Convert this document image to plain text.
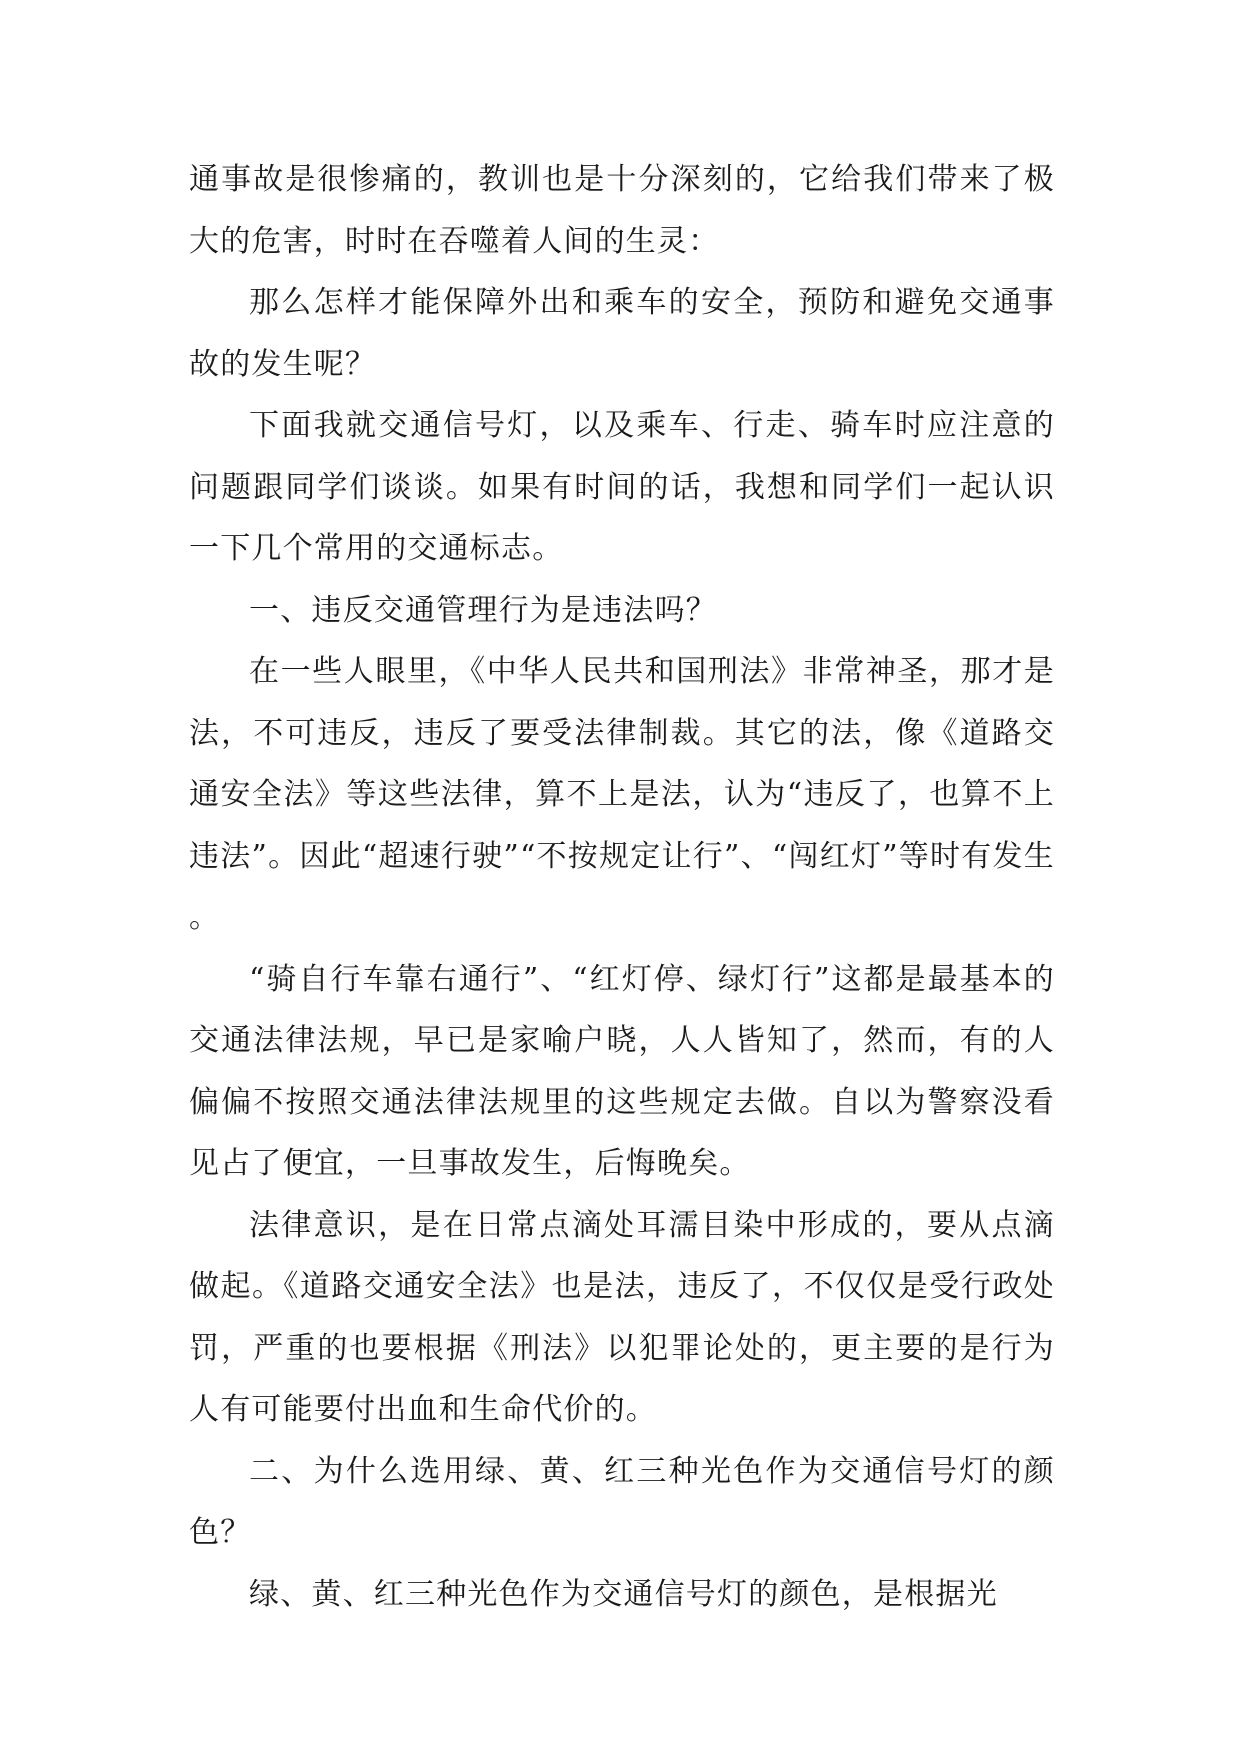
通事故是很惨痛的，教训也是十分深刻的，它给我们带来了极大的危害，时时在吞噬着人间的生灵：

那么怎样才能保障外出和乘车的安全，预防和避免交通事故的发生呢？

下面我就交通信号灯，以及乘车、行走、骑车时应注意的问题跟同学们谈谈。如果有时间的话，我想和同学们一起认识一下几个常用的交通标志。

一、违反交通管理行为是违法吗？

在一些人眼里，《中华人民共和国刑法》非常神圣，那才是法，不可违反，违反了要受法律制裁。其它的法，像《道路交通安全法》等这些法律，算不上是法，认为“违反了，也算不上违法”。因此“超速行驶”“不按规定让行”、“闯红灯”等时有发生。

“骑自行车靠右通行”、“红灯停、绿灯行”这都是最基本的交通法律法规，早已是家喻户晓，人人皆知了，然而，有的人偏偏不按照交通法律法规里的这些规定去做。自以为警察没看见占了便宜，一旦事故发生，后悔晚矣。

法律意识，是在日常点滴处耳濡目染中形成的，要从点滴做起。《道路交通安全法》也是法，违反了，不仅仅是受行政处罚，严重的也要根据《刑法》以犯罪论处的，更主要的是行为人有可能要付出血和生命代价的。

二、为什么选用绿、黄、红三种光色作为交通信号灯的颜色？

绿、黄、红三种光色作为交通信号灯的颜色，是根据光
